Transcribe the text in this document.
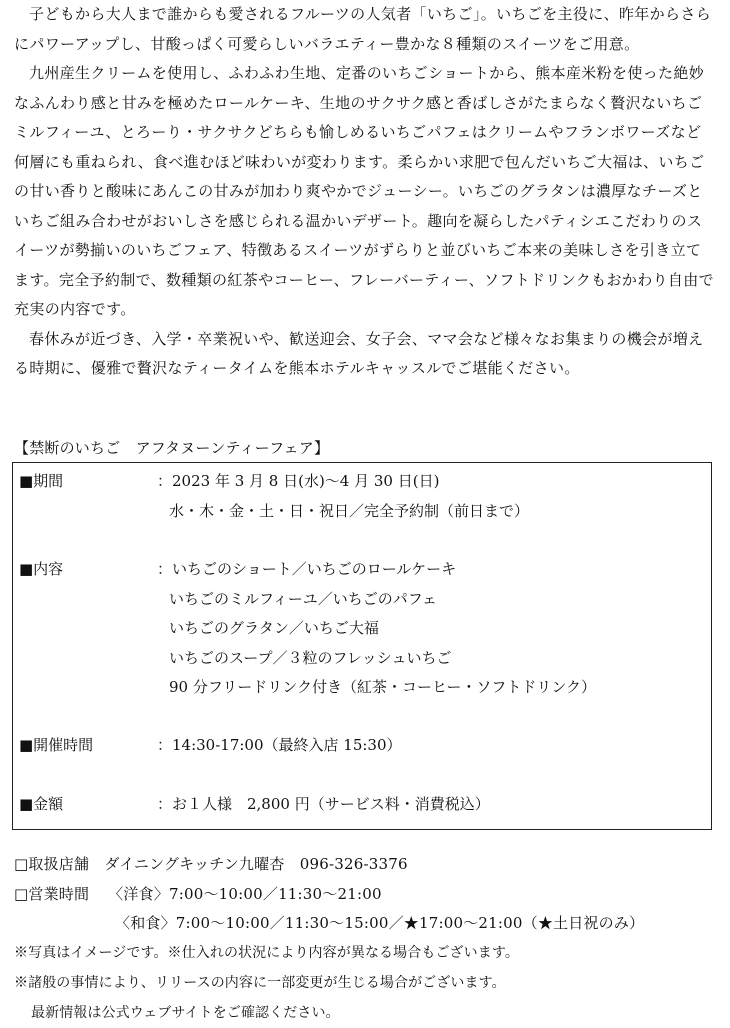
子どもから大人まで誰からも愛されるフルーツの人気者「いちご」。いちごを主役に、昨年からさらにパワーアップし、甘酸っぱく可愛らしいバラエティー豊かな８種類のスイーツをご用意。

九州産生クリームを使用し、ふわふわ生地、定番のいちごショートから、熊本産米粉を使った絶妙なふんわり感と甘みを極めたロールケーキ、生地のサクサク感と香ばしさがたまらなく贅沢ないちごミルフィーユ、とろーり・サクサクどちらも愉しめるいちごパフェはクリームやフランボワーズなど何層にも重ねられ、食べ進むほど味わいが変わります。柔らかい求肥で包んだいちご大福は、いちごの甘い香りと酸味にあんこの甘みが加わり爽やかでジューシー。いちごのグラタンは濃厚なチーズといちご組み合わせがおいしさを感じられる温かいデザート。趣向を凝らしたパティシエこだわりのスイーツが勢揃いのいちごフェア、特徴あるスイーツがずらりと並びいちご本来の美味しさを引き立てます。完全予約制で、数種類の紅茶やコーヒー、フレーバーティー、ソフトドリンクもおかわり自由で充実の内容です。

春休みが近づき、入学・卒業祝いや、歓送迎会、女子会、ママ会など様々なお集まりの機会が増える時期に、優雅で贅沢なティータイムを熊本ホテルキャッスルでご堪能ください。

【禁断のいちご　アフタヌーンティーフェア】
■期間	：2023 年 3 月 8 日(水)～4 月 30 日(日)
水・木・金・土・日・祝日／完全予約制（前日まで）
■内容	：いちごのショート／いちごのロールケーキ
いちごのミルフィーユ／いちごのパフェ
いちごのグラタン／いちご大福
いちごのスープ／３粒のフレッシュいちご
90 分フリードリンク付き（紅茶・コーヒー・ソフトドリンク）
■開催時間	：14:30-17:00（最終入店 15:30）
■金額	：お１人様　2,800 円（サービス料・消費税込）
□取扱店舗　ダイニングキッチン九曜杏　096-326-3376
□営業時間 〈洋食〉7:00～10:00／11:30～21:00
〈和食〉7:00～10:00／11:30～15:00／★17:00～21:00（★土日祝のみ）
※写真はイメージです。※仕入れの状況により内容が異なる場合もございます。
※諸般の事情により、リリースの内容に一部変更が生じる場合がございます。
最新情報は公式ウェブサイトをご確認ください。
